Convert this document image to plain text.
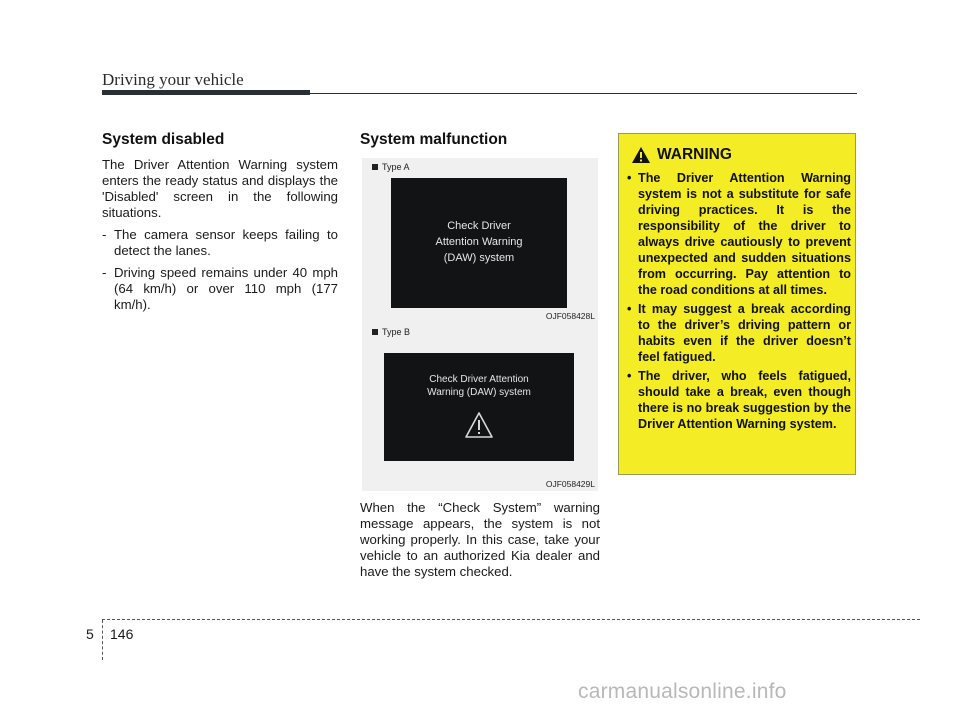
Driving your vehicle
System disabled

The Driver Attention Warning system enters the ready status and displays the 'Disabled' screen in the following situations.

- The camera sensor keeps failing to detect the lanes.
- Driving speed remains under 40 mph (64 km/h) or over 110 mph (177 km/h).
System malfunction
Type A
Check Driver
Attention Warning
(DAW) system
OJF058428L
Type B
Check Driver Attention
Warning (DAW) system
OJF058429L

When the “Check System” warning message appears, the system is not working properly. In this case, take your vehicle to an authorized Kia dealer and have the system checked.

WARNING
• The Driver Attention Warning system is not a substitute for safe driving practices. It is the responsibility of the driver to always drive cautiously to prevent unexpected and sudden situations from occurring. Pay attention to the road conditions at all times.
• It may suggest a break according to the driver’s driving pattern or habits even if the driver doesn’t feel fatigued.
• The driver, who feels fatigued, should take a break, even though there is no break suggestion by the Driver Attention Warning system.
5 146
carmanualsonline.info
